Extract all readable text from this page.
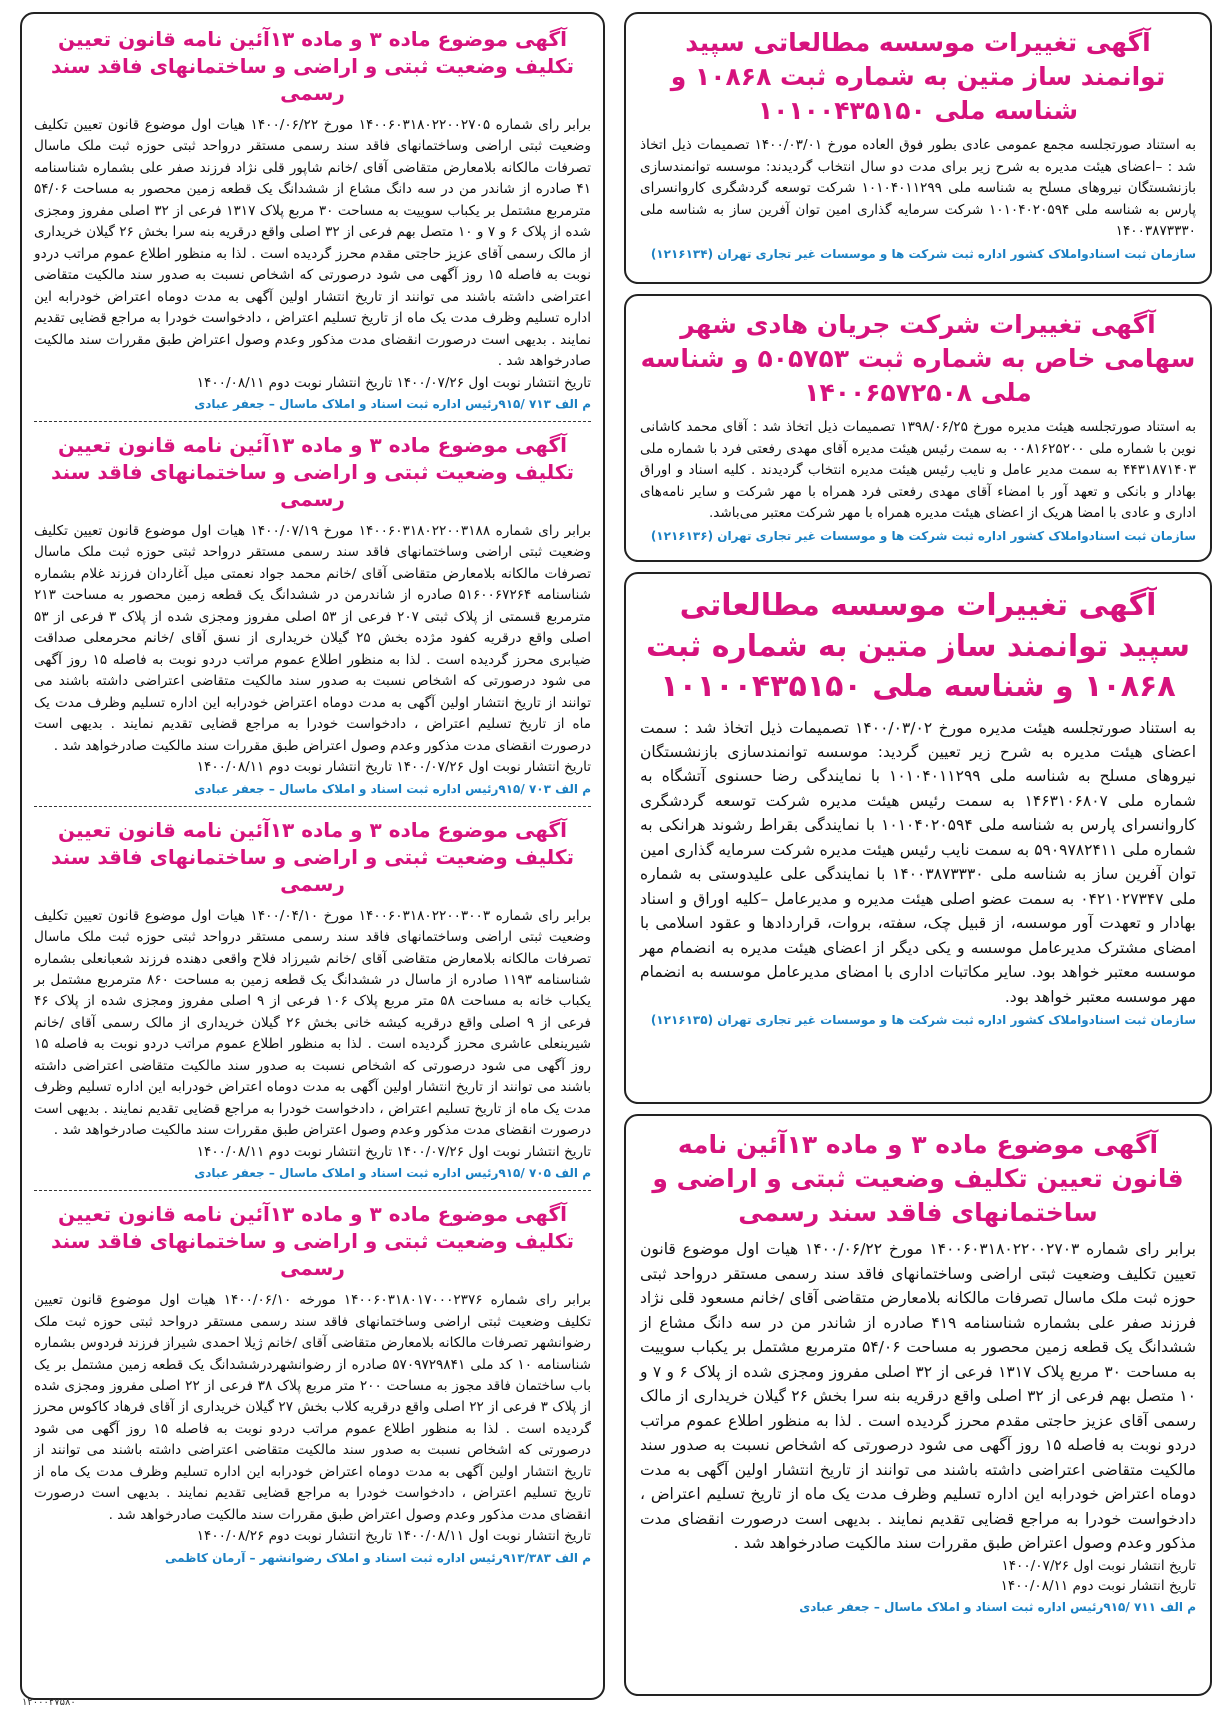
آگهی تغییرات موسسه مطالعاتی سپید توانمند ساز متین به شماره ثبت ۱۰۸۶۸ و شناسه ملی ۱۰۱۰۰۴۳۵۱۵۰
به استناد صورتجلسه مجمع عمومی عادی بطور فوق العاده مورخ ۱۴۰۰/۰۳/۰۱ تصمیمات ذیل اتخاذ شد : –اعضای هیئت مدیره به شرح زیر برای مدت دو سال انتخاب گردیدند: موسسه توانمندسازی بازنشستگان نیروهای مسلح به شناسه ملی ۱۰۱۰۴۰۱۱۲۹۹ شرکت توسعه گردشگری کاروانسرای پارس به شناسه ملی ۱۰۱۰۴۰۲۰۵۹۴ شرکت سرمایه گذاری امین توان آفرین ساز به شناسه ملی ۱۴۰۰۳۸۷۳۳۳۰
سازمان ثبت اسنادواملاک کشور اداره ثبت شرکت ها و موسسات غیر تجاری تهران (۱۲۱۶۱۳۴)
آگهی تغییرات شرکت جریان هادی شهر سهامی خاص به شماره ثبت ۵۰۵۷۵۳ و شناسه ملی ۱۴۰۰۶۵۷۲۵۰۸
به استناد صورتجلسه هیئت مدیره مورخ ۱۳۹۸/۰۶/۲۵ تصمیمات ذیل اتخاذ شد : آقای محمد کاشانی نوین با شماره ملی ۰۰۸۱۶۲۵۲۰۰ به سمت رئیس هیئت مدیره آقای مهدی رفعتی فرد با شماره ملی ۴۴۳۱۸۷۱۴۰۳ به سمت مدیر عامل و نایب رئیس هیئت مدیره انتخاب گردیدند . کلیه اسناد و اوراق بهادار و بانکی و تعهد آور با امضاء آقای مهدی رفعتی فرد همراه با مهر شرکت و سایر نامه‌های اداری و عادی با امضا هریک از اعضای هیئت مدیره همراه با مهر شرکت معتبر می‌باشد.
سازمان ثبت اسنادواملاک کشور اداره ثبت شرکت ها و موسسات غیر تجاری تهران (۱۲۱۶۱۳۶)
آگهی تغییرات موسسه مطالعاتی سپید توانمند ساز متین به شماره ثبت ۱۰۸۶۸ و شناسه ملی ۱۰۱۰۰۴۳۵۱۵۰
به استناد صورتجلسه هیئت مدیره مورخ ۱۴۰۰/۰۳/۰۲ تصمیمات ذیل اتخاذ شد : سمت اعضای هیئت مدیره به شرح زیر تعیین گردید: موسسه توانمندسازی بازنشستگان نیروهای مسلح به شناسه ملی ۱۰۱۰۴۰۱۱۲۹۹ با نمایندگی رضا حسنوی آتشگاه به شماره ملی ۱۴۶۳۱۰۶۸۰۷ به سمت رئیس هیئت مدیره شرکت توسعه گردشگری کاروانسرای پارس به شناسه ملی ۱۰۱۰۴۰۲۰۵۹۴ با نمایندگی بقراط رشوند هرانکی به شماره ملی ۵۹۰۹۷۸۲۴۱۱ به سمت نایب رئیس هیئت مدیره شرکت سرمایه گذاری امین توان آفرین ساز به شناسه ملی ۱۴۰۰۳۸۷۳۳۳۰ با نمایندگی علی علیدوستی به شماره ملی ۰۴۲۱۰۲۷۳۴۷ به سمت عضو اصلی هیئت مدیره و مدیرعامل –کلیه اوراق و اسناد بهادار و تعهدت آور موسسه، از قبیل چک، سفته، بروات، قراردادها و عقود اسلامی با امضای مشترک مدیرعامل موسسه و یکی دیگر از اعضای هیئت مدیره به انضمام مهر موسسه معتبر خواهد بود. سایر مکاتبات اداری با امضای مدیرعامل موسسه به انضمام مهر موسسه معتبر خواهد بود.
سازمان ثبت اسنادواملاک کشور اداره ثبت شرکت ها و موسسات غیر تجاری تهران (۱۲۱۶۱۳۵)
آگهی موضوع ماده ۳ و ماده ۱۳آئین نامه قانون تعیین تکلیف وضعیت ثبتی و اراضی و ساختمانهای فاقد سند رسمی
برابر رای شماره ۱۴۰۰۶۰۳۱۸۰۲۲۰۰۲۷۰۳ مورخ ۱۴۰۰/۰۶/۲۲ هیات اول موضوع قانون تعیین تکلیف وضعیت ثبتی اراضی وساختمانهای فاقد سند رسمی مستقر درواحد ثبتی حوزه ثبت ملک ماسال تصرفات مالکانه بلامعارض متقاضی آقای /خانم مسعود قلی نژاد فرزند صفر علی بشماره شناسنامه ۴۱۹ صادره از شاندر من در سه دانگ مشاع از ششدانگ یک قطعه زمین محصور به مساحت ۵۴/۰۶ مترمربع مشتمل بر یکباب سوییت به مساحت ۳۰ مربع پلاک ۱۳۱۷ فرعی از ۳۲ اصلی مفروز ومجزی شده از پلاک ۶ و ۷ و ۱۰ متصل بهم فرعی از ۳۲ اصلی واقع درقریه بنه سرا بخش ۲۶ گیلان خریداری از مالک رسمی آقای عزیز حاجتی مقدم محرز گردیده است . لذا به منظور اطلاع عموم مراتب دردو نوبت به فاصله ۱۵ روز آگهی می شود درصورتی که اشخاص نسبت به صدور سند مالکیت متقاضی اعتراضی داشته باشند می توانند از تاریخ انتشار اولین آگهی به مدت دوماه اعتراض خودرابه این اداره تسلیم وظرف مدت یک ماه از تاریخ تسلیم اعتراض ، دادخواست خودرا به مراجع قضایی تقدیم نمایند . بدیهی است درصورت انقضای مدت مذکور وعدم وصول اعتراض طبق مقررات سند مالکیت صادرخواهد شد .
تاریخ انتشار نوبت اول ۱۴۰۰/۰۷/۲۶
تاریخ انتشار نوبت دوم ۱۴۰۰/۰۸/۱۱
م الف ۷۱۱ /۹۱۵رئیس اداره ثبت اسناد و املاک ماسال – جعفر عبادی
آگهی موضوع ماده ۳ و ماده ۱۳آئین نامه قانون تعیین تکلیف وضعیت ثبتی و اراضی و ساختمانهای فاقد سند رسمی
برابر رای شماره ۱۴۰۰۶۰۳۱۸۰۲۲۰۰۲۷۰۵ مورخ ۱۴۰۰/۰۶/۲۲ هیات اول موضوع قانون تعیین تکلیف وضعیت ثبتی اراضی وساختمانهای فاقد سند رسمی مستقر درواحد ثبتی حوزه ثبت ملک ماسال تصرفات مالکانه بلامعارض متقاضی آقای /خانم شاپور قلی نژاد فرزند صفر علی بشماره شناسنامه ۴۱ صادره از شاندر من در سه دانگ مشاع از ششدانگ یک قطعه زمین محصور به مساحت ۵۴/۰۶ مترمربع مشتمل بر یکباب سوییت به مساحت ۳۰ مربع پلاک ۱۳۱۷ فرعی از ۳۲ اصلی مفروز ومجزی شده از پلاک ۶ و ۷ و ۱۰ متصل بهم فرعی از ۳۲ اصلی واقع درقریه بنه سرا بخش ۲۶ گیلان خریداری از مالک رسمی آقای عزیز حاجتی مقدم محرز گردیده است . لذا به منظور اطلاع عموم مراتب دردو نوبت به فاصله ۱۵ روز آگهی می شود درصورتی که اشخاص نسبت به صدور سند مالکیت متقاضی اعتراضی داشته باشند می توانند از تاریخ انتشار اولین آگهی به مدت دوماه اعتراض خودرابه این اداره تسلیم وظرف مدت یک ماه از تاریخ تسلیم اعتراض ، دادخواست خودرا به مراجع قضایی تقدیم نمایند . بدیهی است درصورت انقضای مدت مذکور وعدم وصول اعتراض طبق مقررات سند مالکیت صادرخواهد شد .
تاریخ انتشار نوبت اول ۱۴۰۰/۰۷/۲۶ تاریخ انتشار نوبت دوم ۱۴۰۰/۰۸/۱۱
م الف ۷۱۳ /۹۱۵رئیس اداره ثبت اسناد و املاک ماسال – جعفر عبادی
آگهی موضوع ماده ۳ و ماده ۱۳آئین نامه قانون تعیین تکلیف وضعیت ثبتی و اراضی و ساختمانهای فاقد سند رسمی
برابر رای شماره ۱۴۰۰۶۰۳۱۸۰۲۲۰۰۳۱۸۸ مورخ ۱۴۰۰/۰۷/۱۹ هیات اول موضوع قانون تعیین تکلیف وضعیت ثبتی اراضی وساختمانهای فاقد سند رسمی مستقر درواحد ثبتی حوزه ثبت ملک ماسال تصرفات مالکانه بلامعارض متقاضی آقای /خانم محمد جواد نعمتی میل آغاردان فرزند غلام بشماره شناسنامه ۵۱۶۰۰۶۷۲۶۴ صادره از شاندرمن در ششدانگ یک قطعه زمین محصور به مساحت ۲۱۳ مترمربع قسمتی از پلاک ثبتی ۲۰۷ فرعی از ۵۳ اصلی مفروز ومجزی شده از پلاک ۳ فرعی از ۵۳ اصلی واقع درقریه کفود مژده بخش ۲۵ گیلان خریداری از نسق آقای /خانم محرمعلی صداقت ضیابری محرز گردیده است . لذا به منظور اطلاع عموم مراتب دردو نوبت به فاصله ۱۵ روز آگهی می شود درصورتی که اشخاص نسبت به صدور سند مالکیت متقاضی اعتراضی داشته باشند می توانند از تاریخ انتشار اولین آگهی به مدت دوماه اعتراض خودرابه این اداره تسلیم وظرف مدت یک ماه از تاریخ تسلیم اعتراض ، دادخواست خودرا به مراجع قضایی تقدیم نمایند . بدیهی است درصورت انقضای مدت مذکور وعدم وصول اعتراض طبق مقررات سند مالکیت صادرخواهد شد .
تاریخ انتشار نوبت اول ۱۴۰۰/۰۷/۲۶ تاریخ انتشار نوبت دوم ۱۴۰۰/۰۸/۱۱
م الف ۷۰۳ /۹۱۵رئیس اداره ثبت اسناد و املاک ماسال – جعفر عبادی
آگهی موضوع ماده ۳ و ماده ۱۳آئین نامه قانون تعیین تکلیف وضعیت ثبتی و اراضی و ساختمانهای فاقد سند رسمی
برابر رای شماره ۱۴۰۰۶۰۳۱۸۰۲۲۰۰۳۰۰۳ مورخ ۱۴۰۰/۰۴/۱۰ هیات اول موضوع قانون تعیین تکلیف وضعیت ثبتی اراضی وساختمانهای فاقد سند رسمی مستقر درواحد ثبتی حوزه ثبت ملک ماسال تصرفات مالکانه بلامعارض متقاضی آقای /خانم شیرزاد فلاح واقعی دهنده فرزند شعبانعلی بشماره شناسنامه ۱۱۹۳ صادره از ماسال در ششدانگ یک قطعه زمین به مساحت ۸۶۰ مترمربع مشتمل بر یکباب خانه به مساحت ۵۸ متر مربع پلاک ۱۰۶ فرعی از ۹ اصلی مفروز ومجزی شده از پلاک ۴۶ فرعی از ۹ اصلی واقع درقریه کیشه خانی بخش ۲۶ گیلان خریداری از مالک رسمی آقای /خانم شیرینعلی عاشری محرز گردیده است . لذا به منظور اطلاع عموم مراتب دردو نوبت به فاصله ۱۵ روز آگهی می شود درصورتی که اشخاص نسبت به صدور سند مالکیت متقاضی اعتراضی داشته باشند می توانند از تاریخ انتشار اولین آگهی به مدت دوماه اعتراض خودرابه این اداره تسلیم وظرف مدت یک ماه از تاریخ تسلیم اعتراض ، دادخواست خودرا به مراجع قضایی تقدیم نمایند . بدیهی است درصورت انقضای مدت مذکور وعدم وصول اعتراض طبق مقررات سند مالکیت صادرخواهد شد .
تاریخ انتشار نوبت اول ۱۴۰۰/۰۷/۲۶ تاریخ انتشار نوبت دوم ۱۴۰۰/۰۸/۱۱
م الف ۷۰۵ /۹۱۵رئیس اداره ثبت اسناد و املاک ماسال – جعفر عبادی
آگهی موضوع ماده ۳ و ماده ۱۳آئین نامه قانون تعیین تکلیف وضعیت ثبتی و اراضی و ساختمانهای فاقد سند رسمی
برابر رای شماره ۱۴۰۰۶۰۳۱۸۰۱۷۰۰۰۲۳۷۶ مورخه ۱۴۰۰/۰۶/۱۰ هیات اول موضوع قانون تعیین تکلیف وضعیت ثبتی اراضی وساختمانهای فاقد سند رسمی مستقر درواحد ثبتی حوزه ثبت ملک رضوانشهر تصرفات مالکانه بلامعارض متقاضی آقای /خانم ژیلا احمدی شیراز فرزند فردوس بشماره شناسنامه ۱۰ کد ملی ۵۷۰۹۷۲۹۸۴۱ صادره از رضوانشهردرششدانگ یک قطعه زمین مشتمل بر یک باب ساختمان فاقد مجوز به مساحت ۲۰۰ متر مربع پلاک ۳۸ فرعی از ۲۲ اصلی مفروز ومجزی شده از پلاک ۳ فرعی از ۲۲ اصلی واقع درقریه کلاب بخش ۲۷ گیلان خریداری از آقای فرهاد کاکوس محرز گردیده است . لذا به منظور اطلاع عموم مراتب دردو نوبت به فاصله ۱۵ روز آگهی می شود درصورتی که اشخاص نسبت به صدور سند مالکیت متقاضی اعتراضی داشته باشند می توانند از تاریخ انتشار اولین آگهی به مدت دوماه اعتراض خودرابه این اداره تسلیم وظرف مدت یک ماه از تاریخ تسلیم اعتراض ، دادخواست خودرا به مراجع قضایی تقدیم نمایند . بدیهی است درصورت انقضای مدت مذکور وعدم وصول اعتراض طبق مقررات سند مالکیت صادرخواهد شد .
تاریخ انتشار نوبت اول ۱۴۰۰/۰۸/۱۱ تاریخ انتشار نوبت دوم ۱۴۰۰/۰۸/۲۶
م الف ۹۱۳/۳۸۳رئیس اداره ثبت اسناد و املاک رضوانشهر – آرمان کاظمی
۱۲۰۰۰۲۷۵۸۰
